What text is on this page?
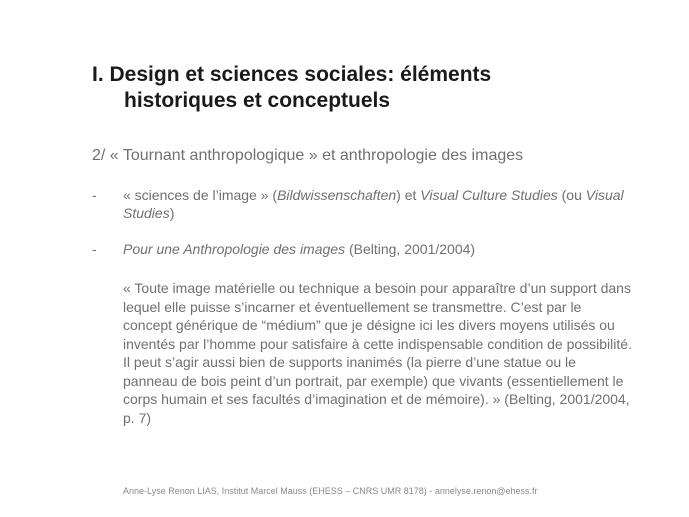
I. Design et sciences sociales: éléments
historiques et conceptuels
2/ « Tournant anthropologique » et anthropologie des images
- « sciences de l’image » (Bildwissenschaften) et Visual Culture Studies (ou Visual Studies)
- Pour une Anthropologie des images (Belting, 2001/2004)
« Toute image matérielle ou technique a besoin pour apparaître d’un support dans lequel elle puisse s’incarner et éventuellement se transmettre. C’est par le concept générique de “médium” que je désigne ici les divers moyens utilisés ou inventés par l’homme pour satisfaire à cette indispensable condition de possibilité. Il peut s’agir aussi bien de supports inanimés (la pierre d’une statue ou le panneau de bois peint d’un portrait, par exemple) que vivants (essentiellement le corps humain et ses facultés d’imagination et de mémoire). » (Belting, 2001/2004, p. 7)
Anne-Lyse Renon LIAS, Institut Marcel Mauss (EHESS – CNRS UMR 8178) - annelyse.renon@ehess.fr
